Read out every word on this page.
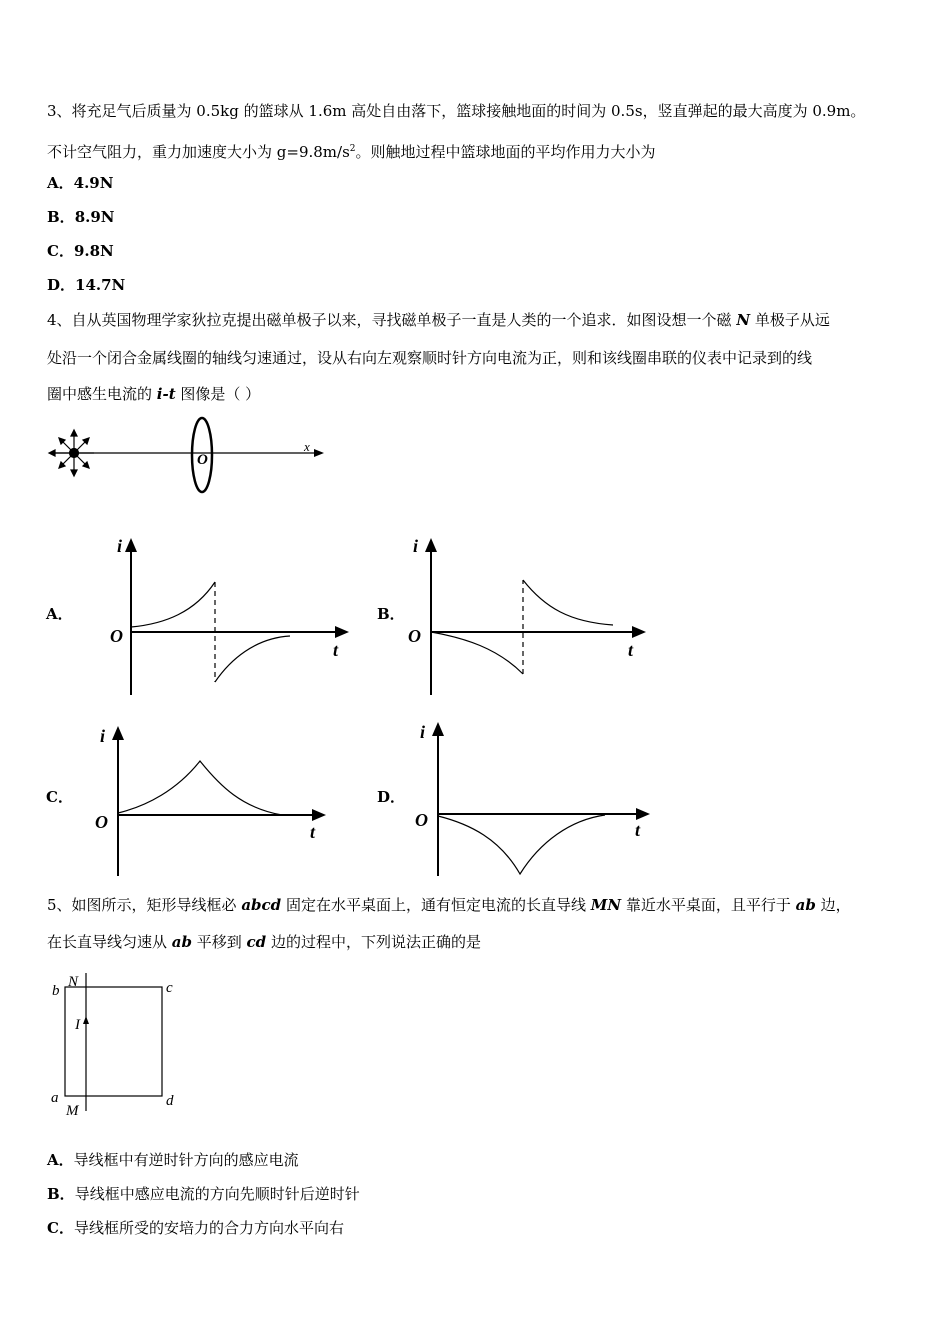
3、将充足气后质量为 0.5kg 的篮球从 1.6m 高处自由落下，篮球接触地面的时间为 0.5s，竖直弹起的最大高度为 0.9m。
不计空气阻力，重力加速度大小为 $g=9.8m/s^2$。则触地过程中篮球地面的平均作用力大小为
A．4.9N
B．8.9N
C．9.8N
D．14.7N
4、自从英国物理学家狄拉克提出磁单极子以来，寻找磁单极子一直是人类的一个追求．如图设想一个磁 N 单极子从远
处沿一个闭合金属线圈的轴线匀速通过，设从右向左观察顺时针方向电流为正，则和该线圈串联的仪表中记录到的线
圈中感生电流的 i-t 图像是（ ）
x
O
A．
i
t
O
B．
i
t
O
C．
i
t
O
D．
i
t
O
5、如图所示，矩形导线框必 abcd 固定在水平桌面上，通有恒定电流的长直导线 MN 靠近水平桌面，且平行于 ab 边，
在长直导线匀速从 ab 平移到 cd 边的过程中，下列说法正确的是
N
M
I
b
a
c
d
A．导线框中有逆时针方向的感应电流
B．导线框中感应电流的方向先顺时针后逆时针
C．导线框所受的安培力的合力方向水平向右
